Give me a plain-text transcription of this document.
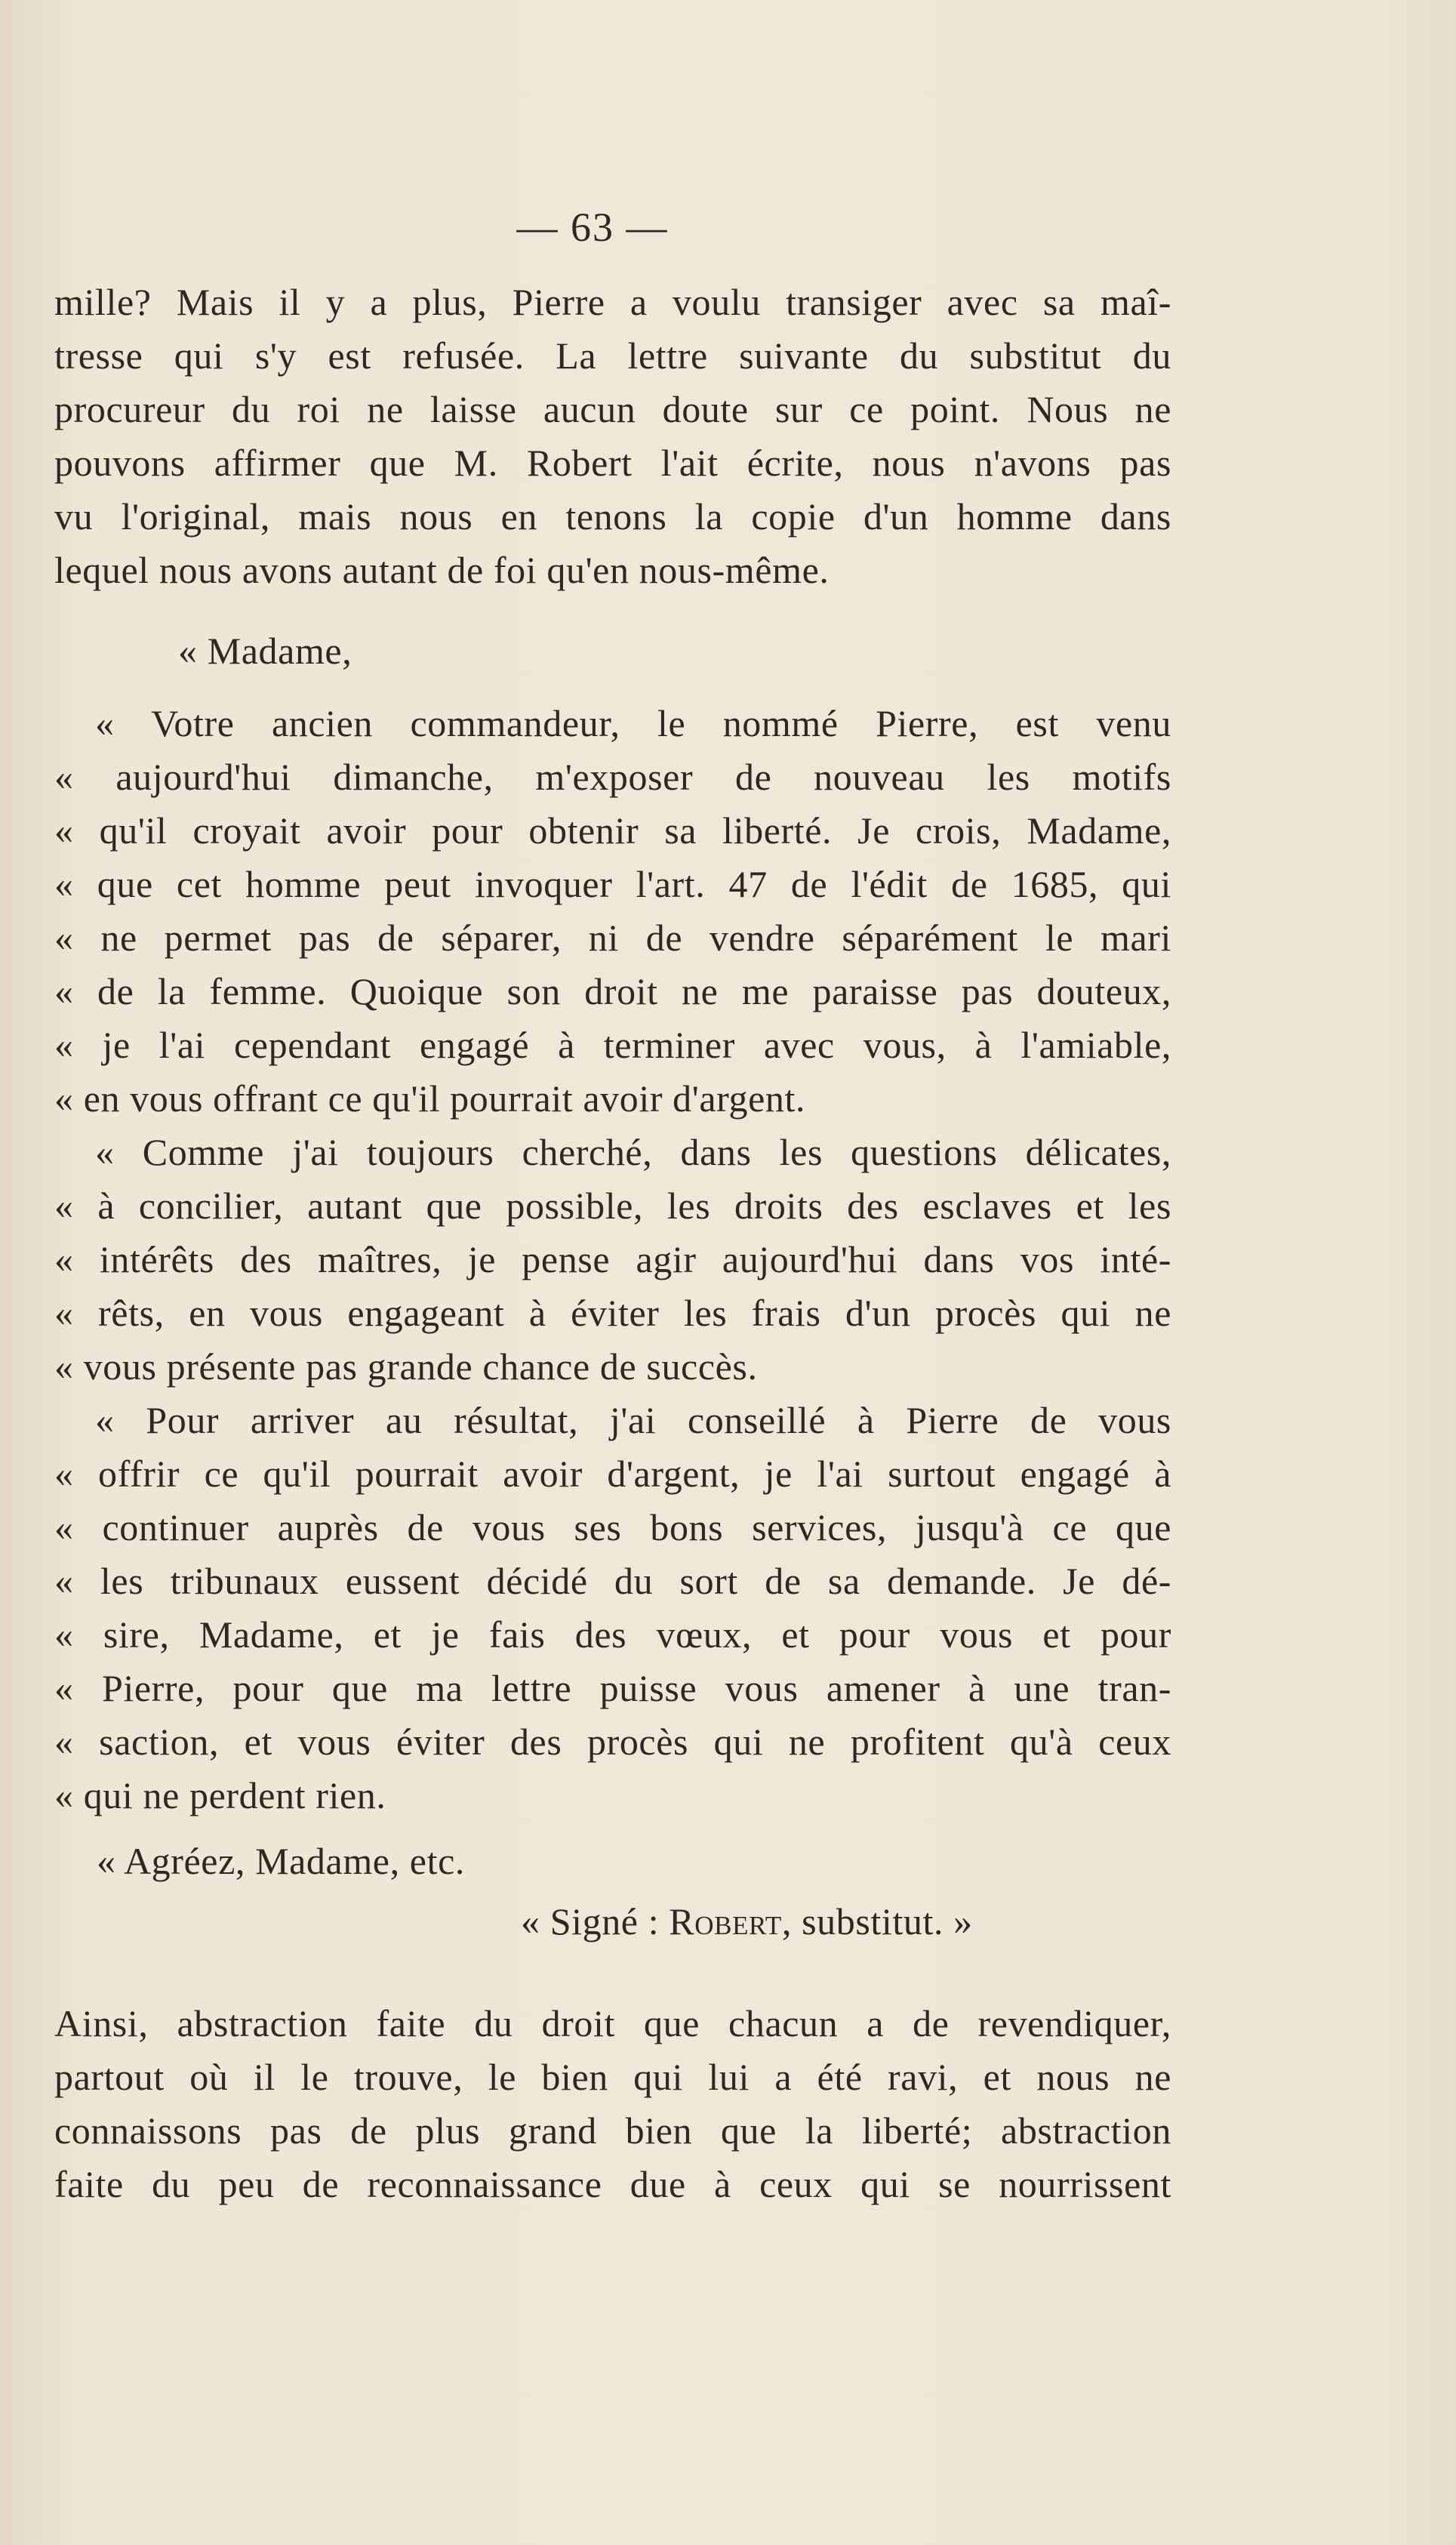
— 63 —
mille? Mais il y a plus, Pierre a voulu transiger avec sa maî-
tresse qui s'y est refusée. La lettre suivante du substitut du
procureur du roi ne laisse aucun doute sur ce point. Nous ne
pouvons affirmer que M. Robert l'ait écrite, nous n'avons pas
vu l'original, mais nous en tenons la copie d'un homme dans
lequel nous avons autant de foi qu'en nous-même.
« Madame,
« Votre ancien commandeur, le nommé Pierre, est venu
« aujourd'hui dimanche, m'exposer de nouveau les motifs
« qu'il croyait avoir pour obtenir sa liberté. Je crois, Madame,
« que cet homme peut invoquer l'art. 47 de l'édit de 1685, qui
« ne permet pas de séparer, ni de vendre séparément le mari
« de la femme. Quoique son droit ne me paraisse pas douteux,
« je l'ai cependant engagé à terminer avec vous, à l'amiable,
« en vous offrant ce qu'il pourrait avoir d'argent.
« Comme j'ai toujours cherché, dans les questions délicates,
« à concilier, autant que possible, les droits des esclaves et les
« intérêts des maîtres, je pense agir aujourd'hui dans vos inté-
« rêts, en vous engageant à éviter les frais d'un procès qui ne
« vous présente pas grande chance de succès.
« Pour arriver au résultat, j'ai conseillé à Pierre de vous
« offrir ce qu'il pourrait avoir d'argent, je l'ai surtout engagé à
« continuer auprès de vous ses bons services, jusqu'à ce que
« les tribunaux eussent décidé du sort de sa demande. Je dé-
« sire, Madame, et je fais des vœux, et pour vous et pour
« Pierre, pour que ma lettre puisse vous amener à une tran-
« saction, et vous éviter des procès qui ne profitent qu'à ceux
« qui ne perdent rien.
« Agréez, Madame, etc.
« Signé : Robert, substitut. »
Ainsi, abstraction faite du droit que chacun a de revendiquer,
partout où il le trouve, le bien qui lui a été ravi, et nous ne
connaissons pas de plus grand bien que la liberté; abstraction
faite du peu de reconnaissance due à ceux qui se nourrissent
